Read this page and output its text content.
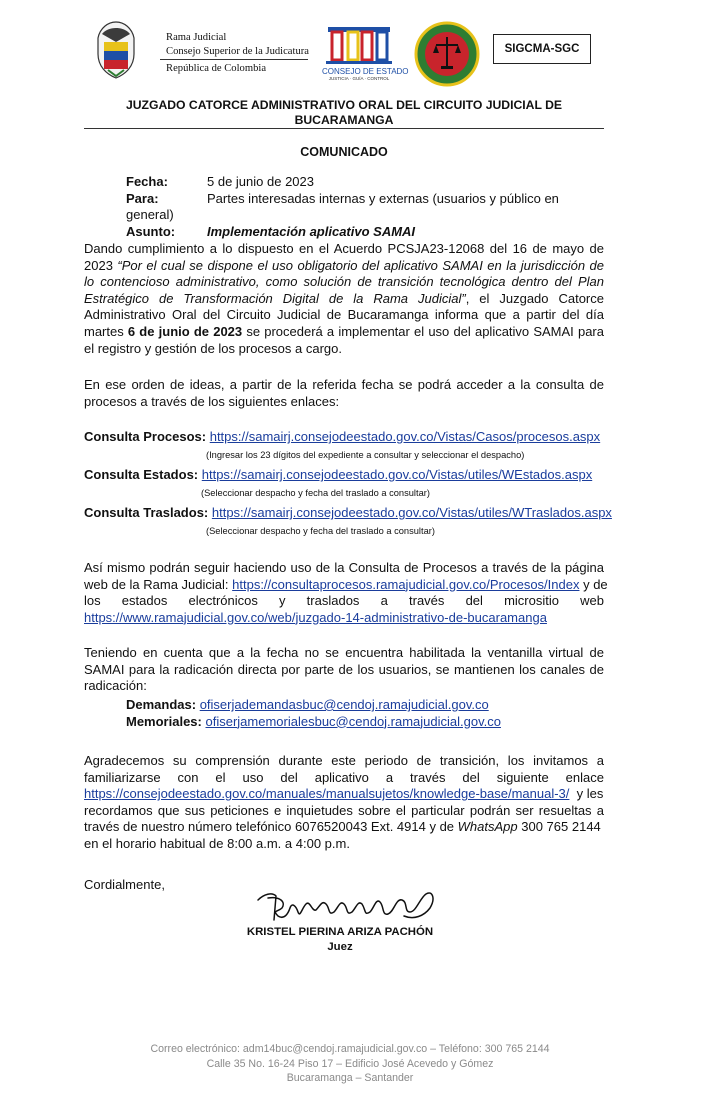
Rama Judicial
Consejo Superior de la Judicatura
República de Colombia	CONSEJO DE ESTADO
JUSTICIA · GUÍA · CONTROL
SIGCMA-SGC
JUZGADO CATORCE ADMINISTRATIVO ORAL DEL CIRCUITO JUDICIAL DE
BUCARAMANGA
COMUNICADO
Fecha:	5 de junio de 2023
Para:	Partes interesadas internas y externas (usuarios y público en general)
Asunto: Implementación aplicativo SAMAI
Dando cumplimiento a lo dispuesto en el Acuerdo PCSJA23-12068 del 16 de mayo de 2023 “Por el cual se dispone el uso obligatorio del aplicativo SAMAI en la jurisdicción de lo contencioso administrativo, como solución de transición tecnológica dentro del Plan Estratégico de Transformación Digital de la Rama Judicial”, el Juzgado Catorce Administrativo Oral del Circuito Judicial de Bucaramanga informa que a partir del día martes 6 de junio de 2023 se procederá a implementar el uso del aplicativo SAMAI para el registro y gestión de los procesos a cargo.
En ese orden de ideas, a partir de la referida fecha se podrá acceder a la consulta de procesos a través de los siguientes enlaces:
Consulta Procesos: https://samairj.consejodeestado.gov.co/Vistas/Casos/procesos.aspx
(Ingresar los 23 dígitos del expediente a consultar y seleccionar el despacho)
Consulta Estados: https://samairj.consejodeestado.gov.co/Vistas/utiles/WEstados.aspx
(Seleccionar despacho y fecha del traslado a consultar)
Consulta Traslados: https://samairj.consejodeestado.gov.co/Vistas/utiles/WTraslados.aspx
(Seleccionar despacho y fecha del traslado a consultar)
Así mismo podrán seguir haciendo uso de la Consulta de Procesos a través de la página
web de la Rama Judicial: https://consultaprocesos.ramajudicial.gov.co/Procesos/Index y de
los estados electrónicos y traslados a través del micrositio web
https://www.ramajudicial.gov.co/web/juzgado-14-administrativo-de-bucaramanga
Teniendo en cuenta que a la fecha no se encuentra habilitada la ventanilla virtual de SAMAI para la radicación directa por parte de los usuarios, se mantienen los canales de radicación:
Demandas: ofiserjademandasbuc@cendoj.ramajudicial.gov.co
Memoriales: ofiserjamemorialesbuc@cendoj.ramajudicial.gov.co
Agradecemos su comprensión durante este periodo de transición, los invitamos a
familiarizarse con el uso del aplicativo a través del siguiente enlace
https://consejodeestado.gov.co/manuales/manualsujetos/knowledge-base/manual-3/  y les
recordamos que sus peticiones e inquietudes sobre el particular podrán ser resueltas a
través de nuestro número telefónico 6076520043 Ext. 4914 y de WhatsApp 300 765 2144
en el horario habitual de 8:00 a.m. a 4:00 p.m.
Cordialmente,
KRISTEL PIERINA ARIZA PACHÓN
Juez
Correo electrónico: adm14buc@cendoj.ramajudicial.gov.co – Teléfono: 300 765 2144
Calle 35 No. 16-24 Piso 17 – Edificio José Acevedo y Gómez
Bucaramanga – Santander
